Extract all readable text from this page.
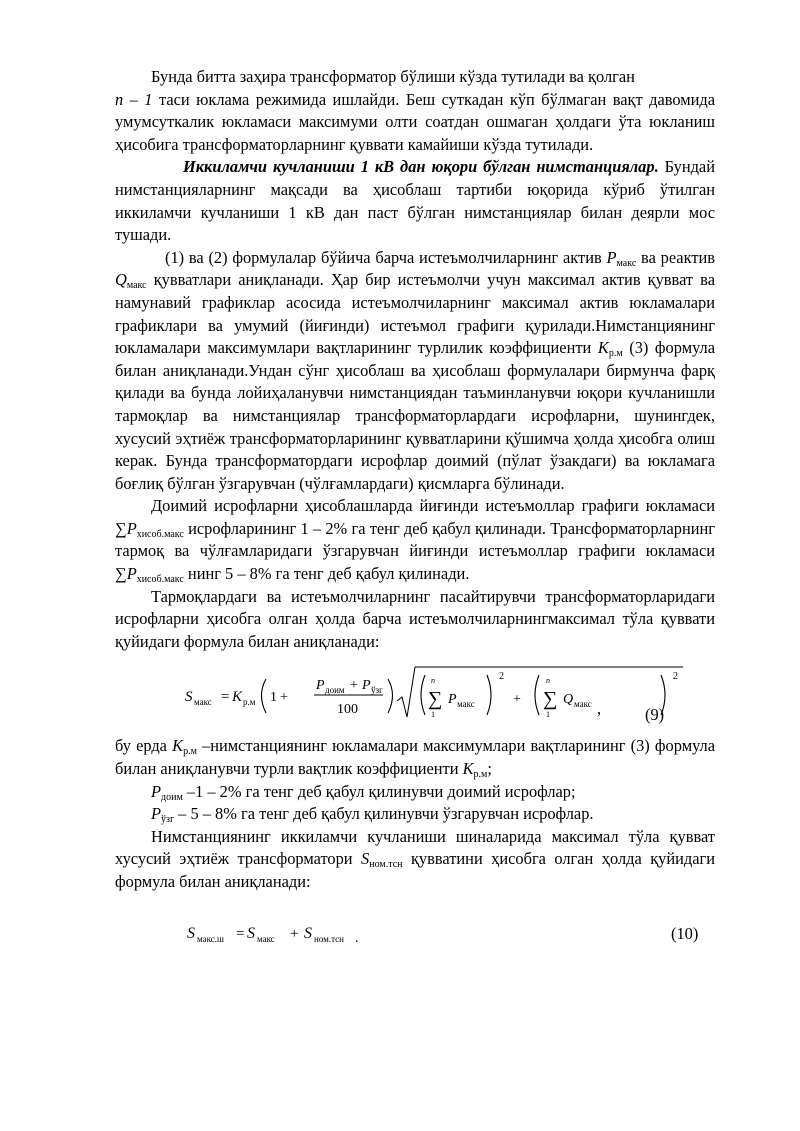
Бунда битта заҳира трансформатор бўлиши кўзда тутилади ва қолган
n – 1 таси юклама режимида ишлайди. Беш суткадан кўп бўлмаган вақт давомида умумсуткалик юкламаси максимуми олти соатдан ошмаган ҳолдаги ўта юкланиш ҳисобига трансформаторларнинг қуввати камайиши кўзда тутилади.

Иккиламчи кучланиши 1 кВ дан юқори бўлган нимстанциялар. Бундай нимстанцияларнинг мақсади ва ҳисоблаш тартиби юқорида кўриб ўтилган иккиламчи кучланиши 1 кВ дан паст бўлган нимстанциялар билан деярли мос тушади.

(1) ва (2) формулалар бўйича барча истеъмолчиларнинг актив $P_{макс}$ ва реактив $Q_{макс}$ қувватлари аниқланади. Ҳар бир истеъмолчи учун максимал актив қувват ва намунавий графиклар асосида истеъмолчиларнинг максимал актив юкламалари графиклари ва умумий (йиғинди) истеъмол графиги қурилади.Нимстанциянинг юкламалари максимумлари вақтларининг турлилик коэффициенти $K_{р.м}$ (3) формула билан аниқланади.Ундан сўнг ҳисоблаш ва ҳисоблаш формулалари бирмунча фарқ қилади ва бунда лойиҳаланувчи нимстанциядан таъминланувчи юқори кучланишли тармоқлар ва нимстанциялар трансформаторлардаги исрофларни, шунингдек, хусусий эҳтиёж трансформаторларининг қувватларини қўшимча ҳолда ҳисобга олиш керак. Бунда трансформатордаги исрофлар доимий (пўлат ўзакдаги) ва юкламага боғлиқ бўлган ўзгарувчан (чўлғамлардаги) қисмларга бўлинади.

Доимий исрофларни ҳисоблашларда йиғинди истеъмоллар графиги юкламаси $\sum P_{хисоб.макс}$ исрофларининг 1 – 2% га тенг деб қабул қилинади. Трансформаторларнинг тармоқ ва чўлғамларидаги ўзгарувчан йиғинди истеъмоллар графиги юкламаси $\sum P_{хисоб.макс}$ нинг 5 – 8% га тенг деб қабул қилинади.

Тармоқлардаги ва истеъмолчиларнинг пасайтирувчи трансформаторларидаги исрофларни ҳисобга олган ҳолда барча истеъмолчиларнингмаксимал тўла қуввати қуйидаги формула билан аниқланади:

S макс = K р.м 1 +
P доим + P ўзг
100
n
∑
1
P макс
2
+
n
∑
1
Q макс
2
,	(9)

бу ерда $K_{р.м}$ –нимстанциянинг юкламалари максимумлари вақтларининг (3) формула билан аниқланувчи турли вақтлик коэффициенти $K_{р.м}$;

$P_{доим}$ –1 – 2% га тенг деб қабул қилинувчи доимий исрофлар;

$P_{ўзг} - 5 - 8\%$ га тенг деб қабул қилинувчи ўзгарувчан исрофлар.

Нимстанциянинг иккиламчи кучланиши шиналарида максимал тўла қувват хусусий эҳтиёж трансформатори $S_{ном.тсн}$ қувватини ҳисобга олган ҳолда қуйидаги формула билан аниқланади:

S макс.ш = S макс + S ном.тсн .	(10)
